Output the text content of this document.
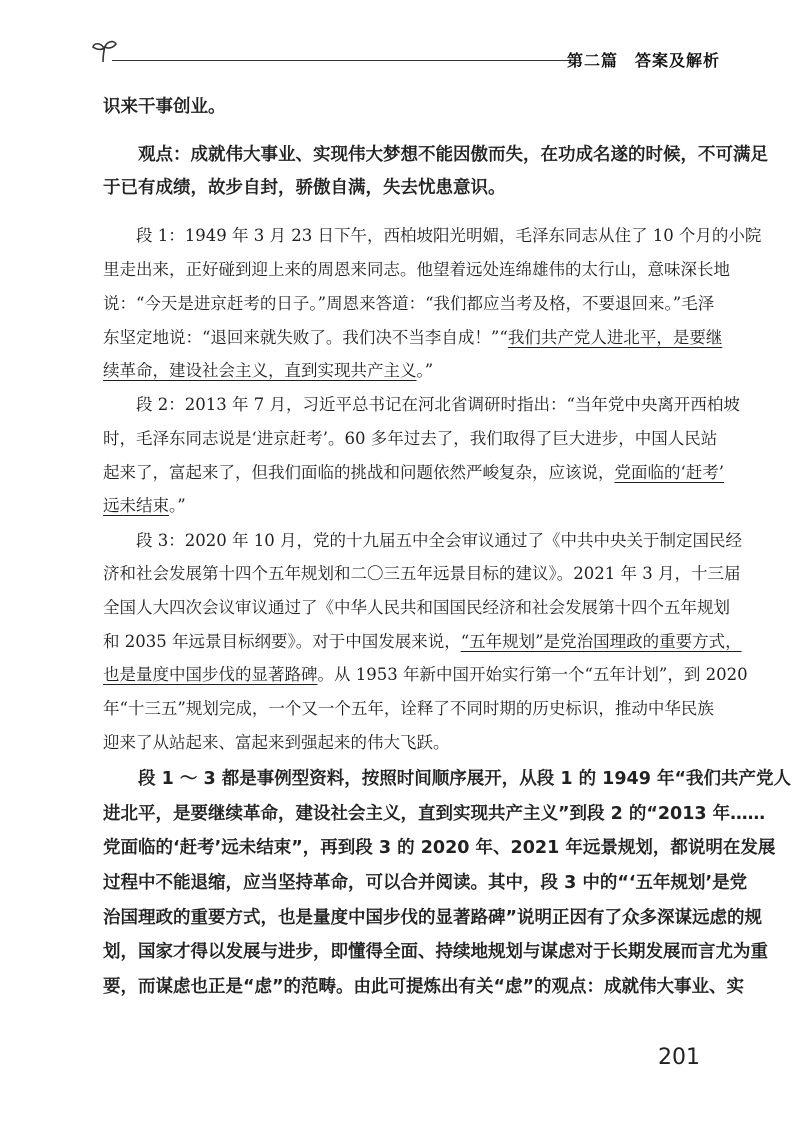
第二篇　答案及解析
识来干事创业。
　　观点：成就伟大事业、实现伟大梦想不能因傲而失，在功成名遂的时候，不可满足
于已有成绩，故步自封，骄傲自满，失去忧患意识。
　　段 1：1949 年 3 月 23 日下午，西柏坡阳光明媚，毛泽东同志从住了 10 个月的小院
里走出来，正好碰到迎上来的周恩来同志。他望着远处连绵雄伟的太行山，意味深长地
说：“今天是进京赶考的日子。”周恩来答道：“我们都应当考及格，不要退回来。”毛泽
东坚定地说：“退回来就失败了。我们决不当李自成！”“我们共产党人进北平，是要继
续革命，建设社会主义，直到实现共产主义。”
　　段 2：2013 年 7 月，习近平总书记在河北省调研时指出：“当年党中央离开西柏坡
时，毛泽东同志说是‘进京赶考’。60 多年过去了，我们取得了巨大进步，中国人民站
起来了，富起来了，但我们面临的挑战和问题依然严峻复杂，应该说，党面临的‘赶考’
远未结束。”
　　段 3：2020 年 10 月，党的十九届五中全会审议通过了《中共中央关于制定国民经
济和社会发展第十四个五年规划和二〇三五年远景目标的建议》。2021 年 3 月，十三届
全国人大四次会议审议通过了《中华人民共和国国民经济和社会发展第十四个五年规划
和 2035 年远景目标纲要》。对于中国发展来说，“五年规划”是党治国理政的重要方式，
也是量度中国步伐的显著路碑。从 1953 年新中国开始实行第一个“五年计划”，到 2020
年“十三五”规划完成，一个又一个五年，诠释了不同时期的历史标识，推动中华民族
迎来了从站起来、富起来到强起来的伟大飞跃。
　　段 1 ～ 3 都是事例型资料，按照时间顺序展开，从段 1 的 1949 年“我们共产党人
进北平，是要继续革命，建设社会主义，直到实现共产主义”到段 2 的“2013 年……
党面临的‘赶考’远未结束”，再到段 3 的 2020 年、2021 年远景规划，都说明在发展
过程中不能退缩，应当坚持革命，可以合并阅读。其中，段 3 中的“‘五年规划’是党
治国理政的重要方式，也是量度中国步伐的显著路碑”说明正因有了众多深谋远虑的规
划，国家才得以发展与进步，即懂得全面、持续地规划与谋虑对于长期发展而言尤为重
要，而谋虑也正是“虑”的范畴。由此可提炼出有关“虑”的观点：成就伟大事业、实
201
